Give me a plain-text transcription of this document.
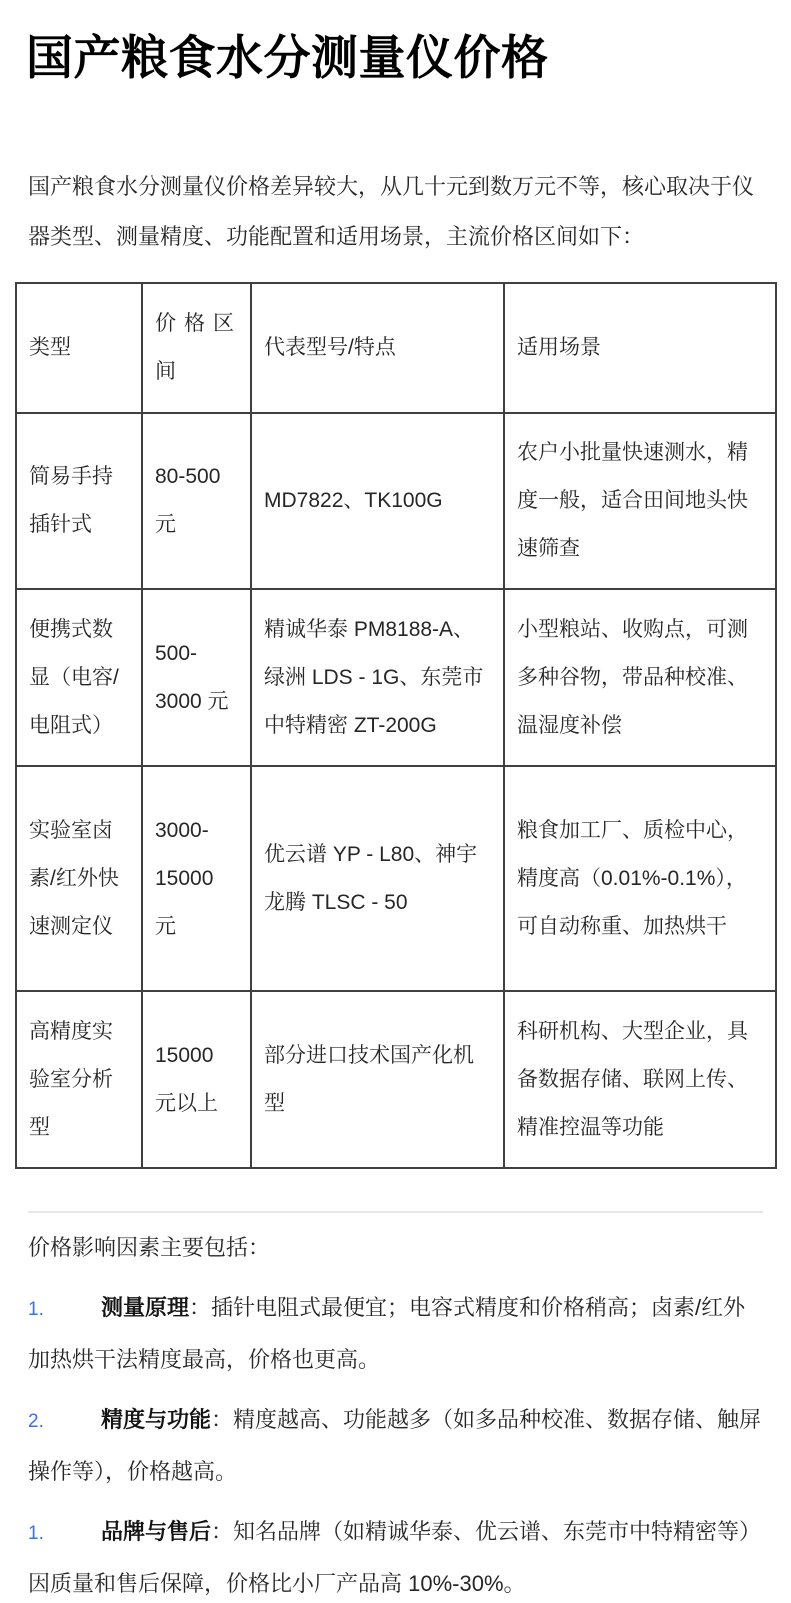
国产粮食水分测量仪价格

国产粮食水分测量仪价格差异较大，从几十元到数万元不等，核心取决于仪器类型、测量精度、功能配置和适用场景，主流价格区间如下：

类型	价格区间	代表型号/特点	适用场景
简易手持插针式	80-500 元	MD7822、TK100G	农户小批量快速测水，精度一般，适合田间地头快速筛查
便携式数显（电容/电阻式）	500-3000 元	精诚华泰 PM8188-A、绿洲 LDS - 1G、东莞市中特精密 ZT-200G	小型粮站、收购点，可测多种谷物，带品种校准、温湿度补偿
实验室卤素/红外快速测定仪	3000-15000 元	优云谱 YP - L80、神宇龙腾 TLSC - 50	粮食加工厂、质检中心，精度高（0.01%-0.1%），可自动称重、加热烘干
高精度实验室分析型	15000 元以上	部分进口技术国产化机型	科研机构、大型企业，具备数据存储、联网上传、精准控温等功能

价格影响因素主要包括：

1.	测量原理：插针电阻式最便宜；电容式精度和价格稍高；卤素/红外加热烘干法精度最高，价格也更高。

2.	精度与功能：精度越高、功能越多（如多品种校准、数据存储、触屏操作等），价格越高。

1.	品牌与售后：知名品牌（如精诚华泰、优云谱、东莞市中特精密等）因质量和售后保障，价格比小厂产品高 10%-30%。
